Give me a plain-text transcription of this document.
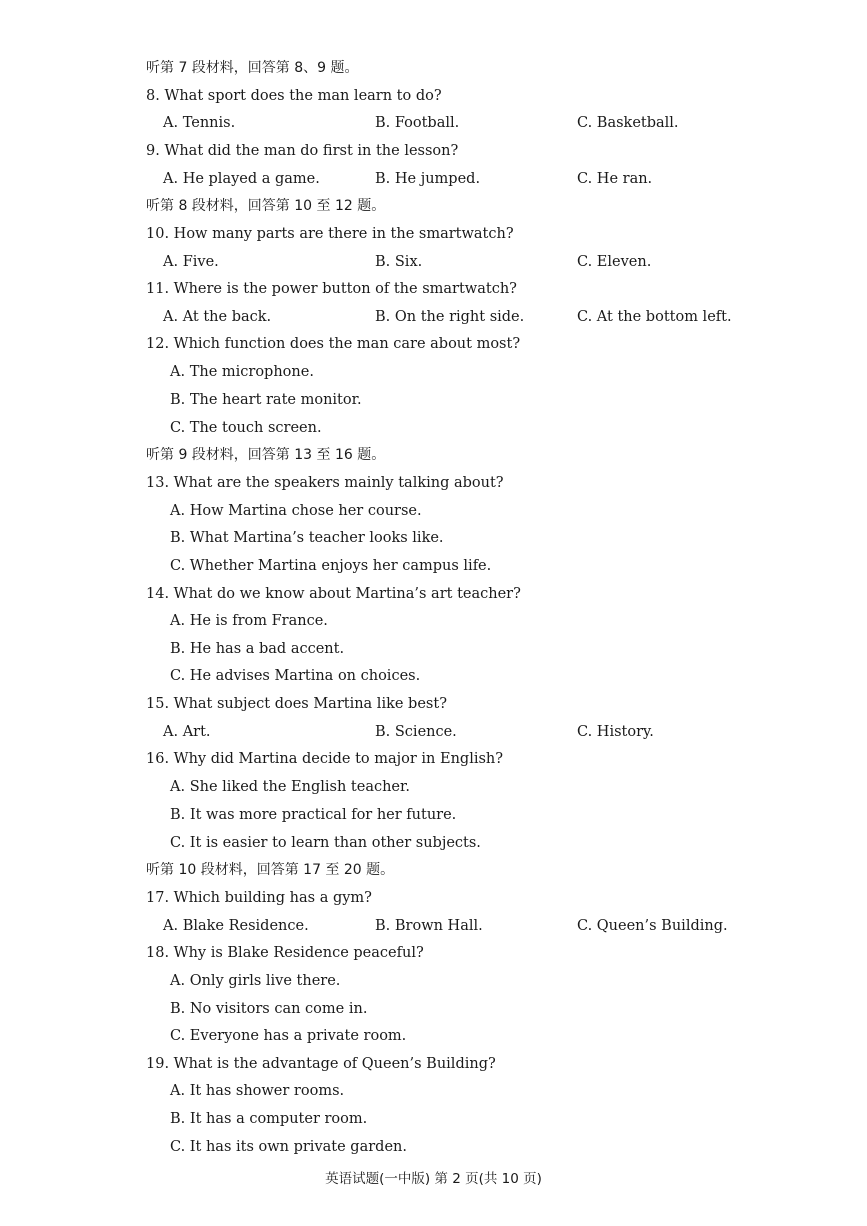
听第 7 段材料，回答第 8、9 题。
8. What sport does the man learn to do?
A. Tennis.	B. Football.	C. Basketball.
9. What did the man do first in the lesson?
A. He played a game.	B. He jumped.	C. He ran.
听第 8 段材料，回答第 10 至 12 题。
10. How many parts are there in the smartwatch?
A. Five.	B. Six.	C. Eleven.
11. Where is the power button of the smartwatch?
A. At the back.	B. On the right side.	C. At the bottom left.
12. Which function does the man care about most?
A. The microphone.
B. The heart rate monitor.
C. The touch screen.
听第 9 段材料，回答第 13 至 16 题。
13. What are the speakers mainly talking about?
A. How Martina chose her course.
B. What Martina’s teacher looks like.
C. Whether Martina enjoys her campus life.
14. What do we know about Martina’s art teacher?
A. He is from France.
B. He has a bad accent.
C. He advises Martina on choices.
15. What subject does Martina like best?
A. Art.	B. Science.	C. History.
16. Why did Martina decide to major in English?
A. She liked the English teacher.
B. It was more practical for her future.
C. It is easier to learn than other subjects.
听第 10 段材料，回答第 17 至 20 题。
17. Which building has a gym?
A. Blake Residence.	B. Brown Hall.	C. Queen’s Building.
18. Why is Blake Residence peaceful?
A. Only girls live there.
B. No visitors can come in.
C. Everyone has a private room.
19. What is the advantage of Queen’s Building?
A. It has shower rooms.
B. It has a computer room.
C. It has its own private garden.
英语试题(一中版) 第 2 页(共 10 页)
